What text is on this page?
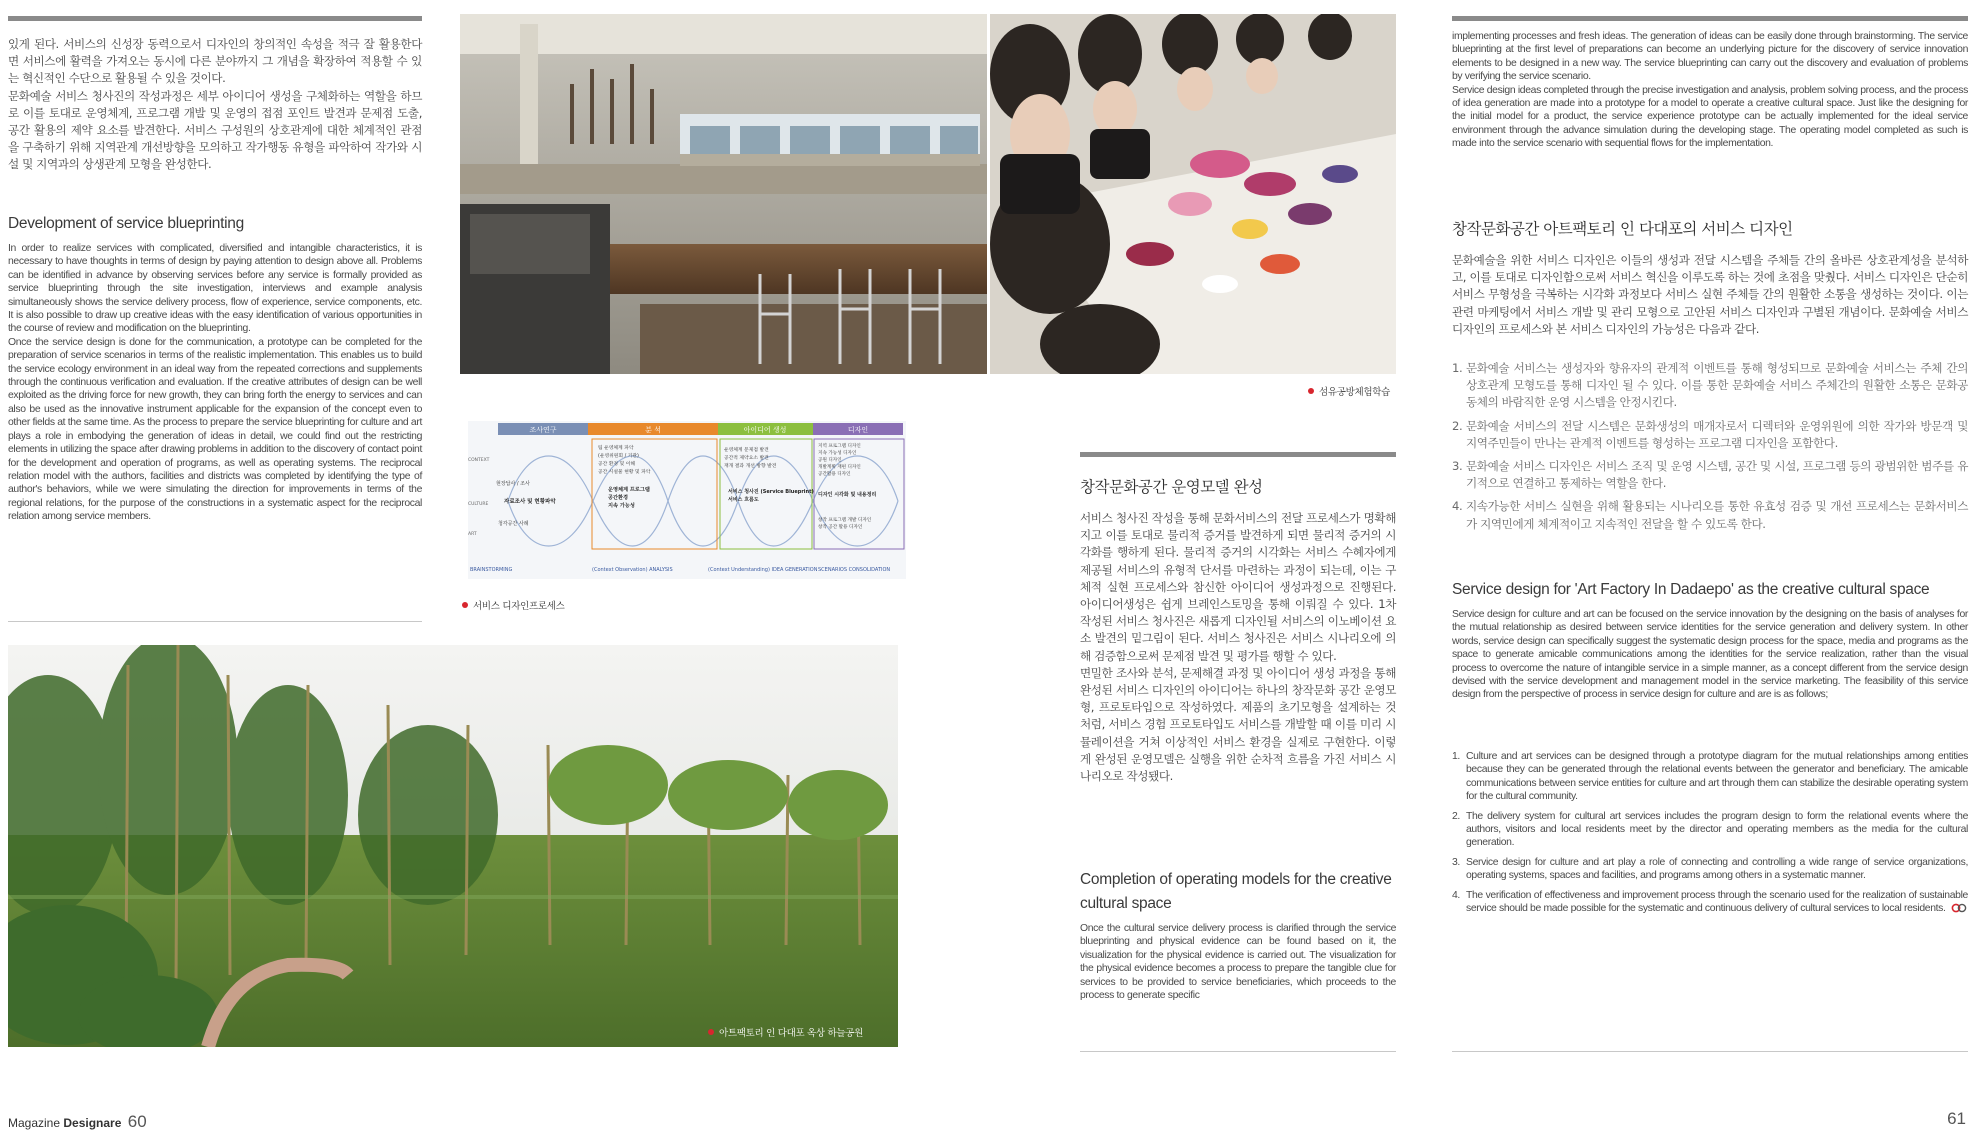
있게 된다. 서비스의 신성장 동력으로서 디자인의 창의적인 속성을 적극 잘 활용한다면 서비스에 활력을 가져오는 동시에 다른 분야까지 그 개념을 확장하여 적용할 수 있는 혁신적인 수단으로 활용될 수 있을 것이다.

문화예술 서비스 청사진의 작성과정은 세부 아이디어 생성을 구체화하는 역할을 하므로 이를 토대로 운영체계, 프로그램 개발 및 운영의 접점 포인트 발견과 문제점 도출, 공간 활용의 제약 요소를 발견한다. 서비스 구성원의 상호관계에 대한 체계적인 관점을 구축하기 위해 지역관계 개선방향을 모의하고 작가행동 유형을 파악하여 작가와 시설 및 지역과의 상생관계 모형을 완성한다.

Development of service blueprinting

In order to realize services with complicated, diversified and intangible characteristics, it is necessary to have thoughts in terms of design by paying attention to design above all. Problems can be identified in advance by observing services before any service is formally provided as service blueprinting through the site investigation, interviews and example analysis simultaneously shows the service delivery process, flow of experience, service components, etc. It is also possible to draw up creative ideas with the easy identification of various opportunities in the course of review and modification on the blueprinting.

Once the service design is done for the communication, a prototype can be completed for the preparation of service scenarios in terms of the realistic implementation. This enables us to build the service ecology environment in an ideal way from the repeated corrections and supplements through the continuous verification and evaluation. If the creative attributes of design can be well exploited as the driving force for new growth, they can bring forth the energy to services and can also be used as the innovative instrument applicable for the expansion of the concept even to other fields at the same time. As the process to prepare the service blueprinting for culture and art plays a role in embodying the generation of ideas in detail, we could find out the restricting elements in utilizing the space after drawing problems in addition to the discovery of contact point for the development and operation of programs, as well as operating systems. The reciprocal relation model with the authors, facilities and districts was completed by identifying the type of author's behaviors, while we were simulating the direction for improvements in terms of the regional relations, for the purpose of the constructions in a systematic aspect for the reciprocal relation among service members.

섬유공방체험학습
조사연구	분 석	아이디어 생성	디자인
CONTEXT
CULTURE
ART
현장답사 / 조사
자료조사 및 현황파악
청각공간 사례
팀 운영체계 파악
(운영위원회 / 기관)
공간 환경 및 이해
공간 시설물 현황 및 파악
운영체계 프로그램
공간환경
지속 가능성
운영체계 문제점 발견
공간적 제약요소 발견
재개 결과 개선 방향 발견
서비스 청사진 (Service Blueprint)
서비스 흐름도
지역 프로그램 디자인
지속 가능성 디자인
공원 디자인
개발계획 재편 디자인
공간활용 디자인
디자인 시각화 및 내용정리
창작 프로그램 개발 디자인
창작 공간 활용 디자인
BRAINSTORMING	(Context Observation) ANALYSIS	(Context Understanding) IDEA GENERATION SCENARIOS CONSOLIDATION
서비스 디자인프로세스
아트팩토리 인 다대포 옥상 하늘공원
창작문화공간 운영모델 완성

서비스 청사진 작성을 통해 문화서비스의 전달 프로세스가 명확해지고 이를 토대로 물리적 증거를 발견하게 되면 물리적 증거의 시각화를 행하게 된다. 물리적 증거의 시각화는 서비스 수혜자에게 제공될 서비스의 유형적 단서를 마련하는 과정이 되는데, 이는 구체적 실현 프로세스와 참신한 아이디어 생성과정으로 진행된다. 아이디어생성은 쉽게 브레인스토밍을 통해 이뤄질 수 있다. 1차 작성된 서비스 청사진은 새롭게 디자인될 서비스의 이노베이션 요소 발견의 밑그림이 된다. 서비스 청사진은 서비스 시나리오에 의해 검증함으로써 문제점 발견 및 평가를 행할 수 있다.

면밀한 조사와 분석, 문제해결 과정 및 아이디어 생성 과정을 통해 완성된 서비스 디자인의 아이디어는 하나의 창작문화 공간 운영모형, 프로토타입으로 작성하였다. 제품의 초기모형을 설계하는 것처럼, 서비스 경험 프로토타입도 서비스를 개발할 때 이를 미리 시뮬레이션을 거쳐 이상적인 서비스 환경을 실제로 구현한다. 이렇게 완성된 운영모델은 실행을 위한 순차적 흐름을 가진 서비스 시나리오로 작성됐다.

Completion of operating models for the creative cultural space

Once the cultural service delivery process is clarified through the service blueprinting and physical evidence can be found based on it, the visualization for the physical evidence is carried out. The visualization for the physical evidence becomes a process to prepare the tangible clue for services to be provided to service beneficiaries, which proceeds to the process to generate specific

implementing processes and fresh ideas. The generation of ideas can be easily done through brainstorming. The service blueprinting at the first level of preparations can become an underlying picture for the discovery of service innovation elements to be designed in a new way. The service blueprinting can carry out the discovery and evaluation of problems by verifying the service scenario.

Service design ideas completed through the precise investigation and analysis, problem solving process, and the process of idea generation are made into a prototype for a model to operate a creative cultural space. Just like the designing for the initial model for a product, the service experience prototype can be actually implemented for the ideal service environment through the advance simulation during the developing stage. The operating model completed as such is made into the service scenario with sequential flows for the implementation.

창작문화공간 아트팩토리 인 다대포의 서비스 디자인

문화예술을 위한 서비스 디자인은 이들의 생성과 전달 시스템을 주체들 간의 올바른 상호관계성을 분석하고, 이를 토대로 디자인함으로써 서비스 혁신을 이루도록 하는 것에 초점을 맞췄다. 서비스 디자인은 단순히 서비스 무형성을 극복하는 시각화 과정보다 서비스 실현 주체들 간의 원활한 소통을 생성하는 것이다. 이는 관련 마케팅에서 서비스 개발 및 관리 모형으로 고안된 서비스 디자인과 구별된 개념이다. 문화예술 서비스 디자인의 프로세스와 본 서비스 디자인의 가능성은 다음과 같다.

1. 문화예술 서비스는 생성자와 향유자의 관계적 이벤트를 통해 형성되므로 문화예술 서비스는 주체 간의 상호관계 모형도를 통해 디자인 될 수 있다. 이를 통한 문화예술 서비스 주체간의 원활한 소통은 문화공동체의 바람직한 운영 시스템을 안정시킨다.
2. 문화예술 서비스의 전달 시스템은 문화생성의 매개자로서 디렉터와 운영위원에 의한 작가와 방문객 및 지역주민들이 만나는 관계적 이벤트를 형성하는 프로그램 디자인을 포함한다.
3. 문화예술 서비스 디자인은 서비스 조직 및 운영 시스템, 공간 및 시설, 프로그램 등의 광범위한 범주를 유기적으로 연결하고 통제하는 역할을 한다.
4. 지속가능한 서비스 실현을 위해 활용되는 시나리오를 통한 유효성 검증 및 개선 프로세스는 문화서비스가 지역민에게 체계적이고 지속적인 전달을 할 수 있도록 한다.
Service design for 'Art Factory In Dadaepo' as the creative cultural space

Service design for culture and art can be focused on the service innovation by the designing on the basis of analyses for the mutual relationship as desired between service identities for the service generation and delivery system. In other words, service design can specifically suggest the systematic design process for the space, media and programs as the space to generate amicable communications among the identities for the service realization, rather than the visual process to overcome the nature of intangible service in a simple manner, as a concept different from the service design devised with the service development and management model in the service marketing. The feasibility of this service design from the perspective of process in service design for culture and are is as follows;

1. Culture and art services can be designed through a prototype diagram for the mutual relationships among entities because they can be generated through the relational events between the generator and beneficiary. The amicable communications between service entities for culture and art through them can stabilize the desirable operating system for the cultural community.
2. The delivery system for cultural art services includes the program design to form the relational events where the authors, visitors and local residents meet by the director and operating members as the media for the cultural generation.
3. Service design for culture and art play a role of connecting and controlling a wide range of service organizations, operating systems, spaces and facilities, and programs among others in a systematic manner.
4. The verification of effectiveness and improvement process through the scenario used for the realization of sustainable service should be made possible for the systematic and continuous delivery of cultural services to local residents.
Magazine Designare 60	61
